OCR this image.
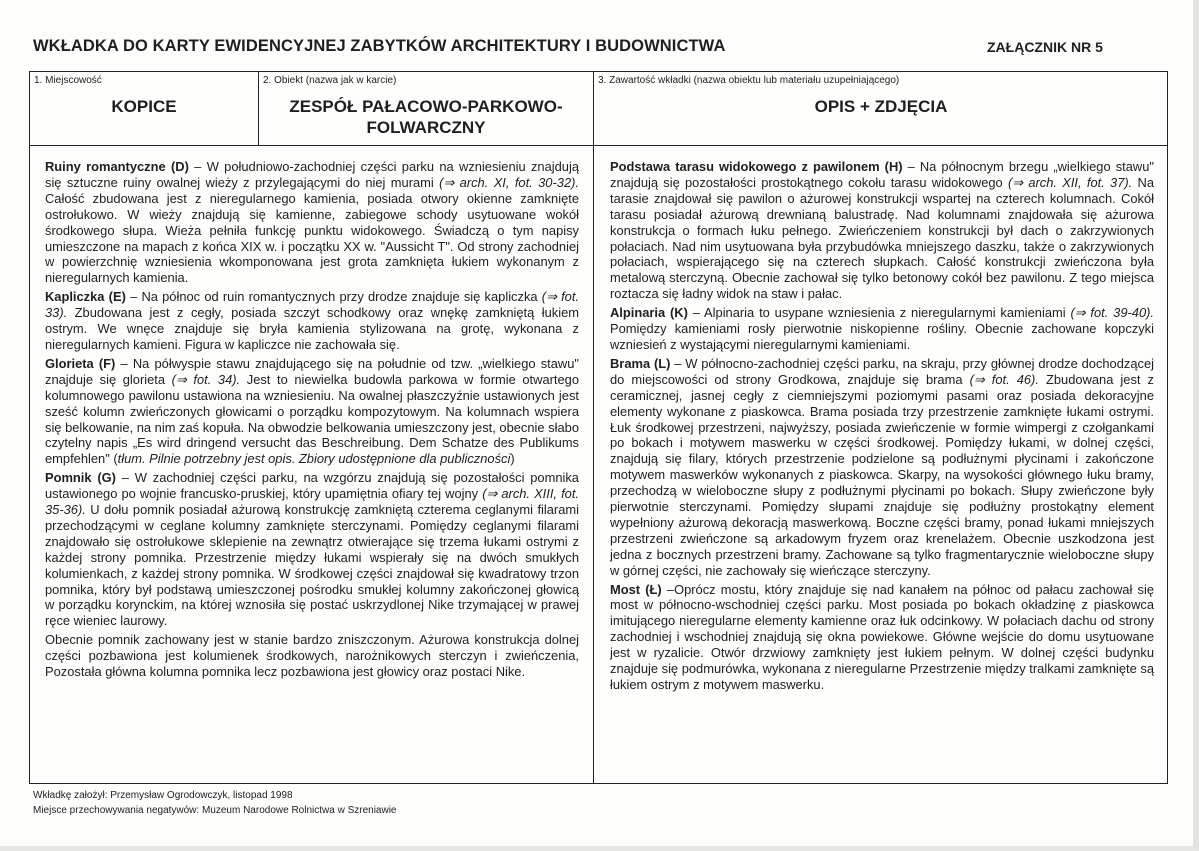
WKŁADKA DO KARTY EWIDENCYJNEJ ZABYTKÓW ARCHITEKTURY I BUDOWNICTWA	ZAŁĄCZNIK NR 5
1. Miejscowość
KOPICE
2. Obiekt (nazwa jak w karcie)
ZESPÓŁ PAŁACOWO-PARKOWO-
FOLWARCZNY
3. Zawartość wkładki (nazwa obiektu lub materiału uzupełniającego)
OPIS + ZDJĘCIA

Ruiny romantyczne (D) – W południowo-zachodniej części parku na wzniesieniu znajdują się sztuczne ruiny owalnej wieży z przylegającymi do niej murami (⇒ arch. XI, fot. 30-32). Całość zbudowana jest z nieregularnego kamienia, posiada otwory okienne zamknięte ostrołukowo. W wieży znajdują się kamienne, zabiegowe schody usytuowane wokół środkowego słupa. Wieża pełniła funkcję punktu widokowego. Świadczą o tym napisy umieszczone na mapach z końca XIX w. i początku XX w. "Aussicht T". Od strony zachodniej w powierzchnię wzniesienia wkomponowana jest grota zamknięta łukiem wykonanym z nieregularnych kamienia.

Kapliczka (E) – Na północ od ruin romantycznych przy drodze znajduje się kapliczka (⇒ fot. 33). Zbudowana jest z cegły, posiada szczyt schodkowy oraz wnękę zamkniętą łukiem ostrym. We wnęce znajduje się bryła kamienia stylizowana na grotę, wykonana z nieregularnych kamieni. Figura w kapliczce nie zachowała się.

Glorieta (F) – Na półwyspie stawu znajdującego się na południe od tzw. „wielkiego stawu" znajduje się glorieta (⇒ fot. 34). Jest to niewielka budowla parkowa w formie otwartego kolumnowego pawilonu ustawiona na wzniesieniu. Na owalnej płaszczyźnie ustawionych jest sześć kolumn zwieńczonych głowicami o porządku kompozytowym. Na kolumnach wspiera się belkowanie, na nim zaś kopuła. Na obwodzie belkowania umieszczony jest, obecnie słabo czytelny napis „Es wird dringend versucht das Beschreibung. Dem Schatze des Publikums empfehlen" (tłum. Pilnie potrzebny jest opis. Zbiory udostępnione dla publiczności)

Pomnik (G) – W zachodniej części parku, na wzgórzu znajdują się pozostałości pomnika ustawionego po wojnie francusko-pruskiej, który upamiętnia ofiary tej wojny (⇒ arch. XIII, fot. 35-36). U dołu pomnik posiadał ażurową konstrukcję zamkniętą czterema ceglanymi filarami przechodzącymi w ceglane kolumny zamknięte sterczynami. Pomiędzy ceglanymi filarami znajdowało się ostrołukowe sklepienie na zewnątrz otwierające się trzema łukami ostrymi z każdej strony pomnika. Przestrzenie między łukami wspierały się na dwóch smukłych kolumienkach, z każdej strony pomnika. W środkowej części znajdował się kwadratowy trzon pomnika, który był podstawą umieszczonej pośrodku smukłej kolumny zakończonej głowicą w porządku korynckim, na której wznosiła się postać uskrzydlonej Nike trzymającej w prawej ręce wieniec laurowy.

Obecnie pomnik zachowany jest w stanie bardzo zniszczonym. Ażurowa konstrukcja dolnej części pozbawiona jest kolumienek środkowych, narożnikowych sterczyn i zwieńczenia, Pozostała główna kolumna pomnika lecz pozbawiona jest głowicy oraz postaci Nike.

Podstawa tarasu widokowego z pawilonem (H) – Na północnym brzegu „wielkiego stawu" znajdują się pozostałości prostokątnego cokołu tarasu widokowego (⇒ arch. XII, fot. 37). Na tarasie znajdował się pawilon o ażurowej konstrukcji wspartej na czterech kolumnach. Cokół tarasu posiadał ażurową drewnianą balustradę. Nad kolumnami znajdowała się ażurowa konstrukcja o formach łuku pełnego. Zwieńczeniem konstrukcji był dach o zakrzywionych połaciach. Nad nim usytuowana była przybudówka mniejszego daszku, także o zakrzywionych połaciach, wspierającego się na czterech słupkach. Całość konstrukcji zwieńczona była metalową sterczyną. Obecnie zachował się tylko betonowy cokół bez pawilonu. Z tego miejsca roztacza się ładny widok na staw i pałac.

Alpinaria (K) – Alpinaria to usypane wzniesienia z nieregularnymi kamieniami (⇒ fot. 39-40). Pomiędzy kamieniami rosły pierwotnie niskopienne rośliny. Obecnie zachowane kopczyki wzniesień z wystającymi nieregularnymi kamieniami.

Brama (L) – W północno-zachodniej części parku, na skraju, przy głównej drodze dochodzącej do miejscowości od strony Grodkowa, znajduje się brama (⇒ fot. 46). Zbudowana jest z ceramicznej, jasnej cegły z ciemniejszymi poziomymi pasami oraz posiada dekoracyjne elementy wykonane z piaskowca. Brama posiada trzy przestrzenie zamknięte łukami ostrymi. Łuk środkowej przestrzeni, najwyższy, posiada zwieńczenie w formie wimpergi z czołgankami po bokach i motywem maswerku w części środkowej. Pomiędzy łukami, w dolnej części, znajdują się filary, których przestrzenie podzielone są podłużnymi płycinami i zakończone motywem maswerków wykonanych z piaskowca. Skarpy, na wysokości głównego łuku bramy, przechodzą w wieloboczne słupy z podłużnymi płycinami po bokach. Słupy zwieńczone były pierwotnie sterczynami. Pomiędzy słupami znajduje się podłużny prostokątny element wypełniony ażurową dekoracją maswerkową. Boczne części bramy, ponad łukami mniejszych przestrzeni zwieńczone są arkadowym fryzem oraz krenelażem. Obecnie uszkodzona jest jedna z bocznych przestrzeni bramy. Zachowane są tylko fragmentarycznie wieloboczne słupy w górnej części, nie zachowały się wieńczące sterczyny.

Most (Ł) –Oprócz mostu, który znajduje się nad kanałem na północ od pałacu zachował się most w północno-wschodniej części parku. Most posiada po bokach okładzinę z piaskowca imitującego nieregularne elementy kamienne oraz łuk odcinkowy. W połaciach dachu od strony zachodniej i wschodniej znajdują się okna powiekowe. Główne wejście do domu usytuowane jest w ryzalicie. Otwór drzwiowy zamknięty jest łukiem pełnym. W dolnej części budynku znajduje się podmurówka, wykonana z nieregularne Przestrzenie między tralkami zamknięte są łukiem ostrym z motywem maswerku.

Wkładkę założył: Przemysław Ogrodowczyk, listopad 1998
Miejsce przechowywania negatywów: Muzeum Narodowe Rolnictwa w Szreniawie
